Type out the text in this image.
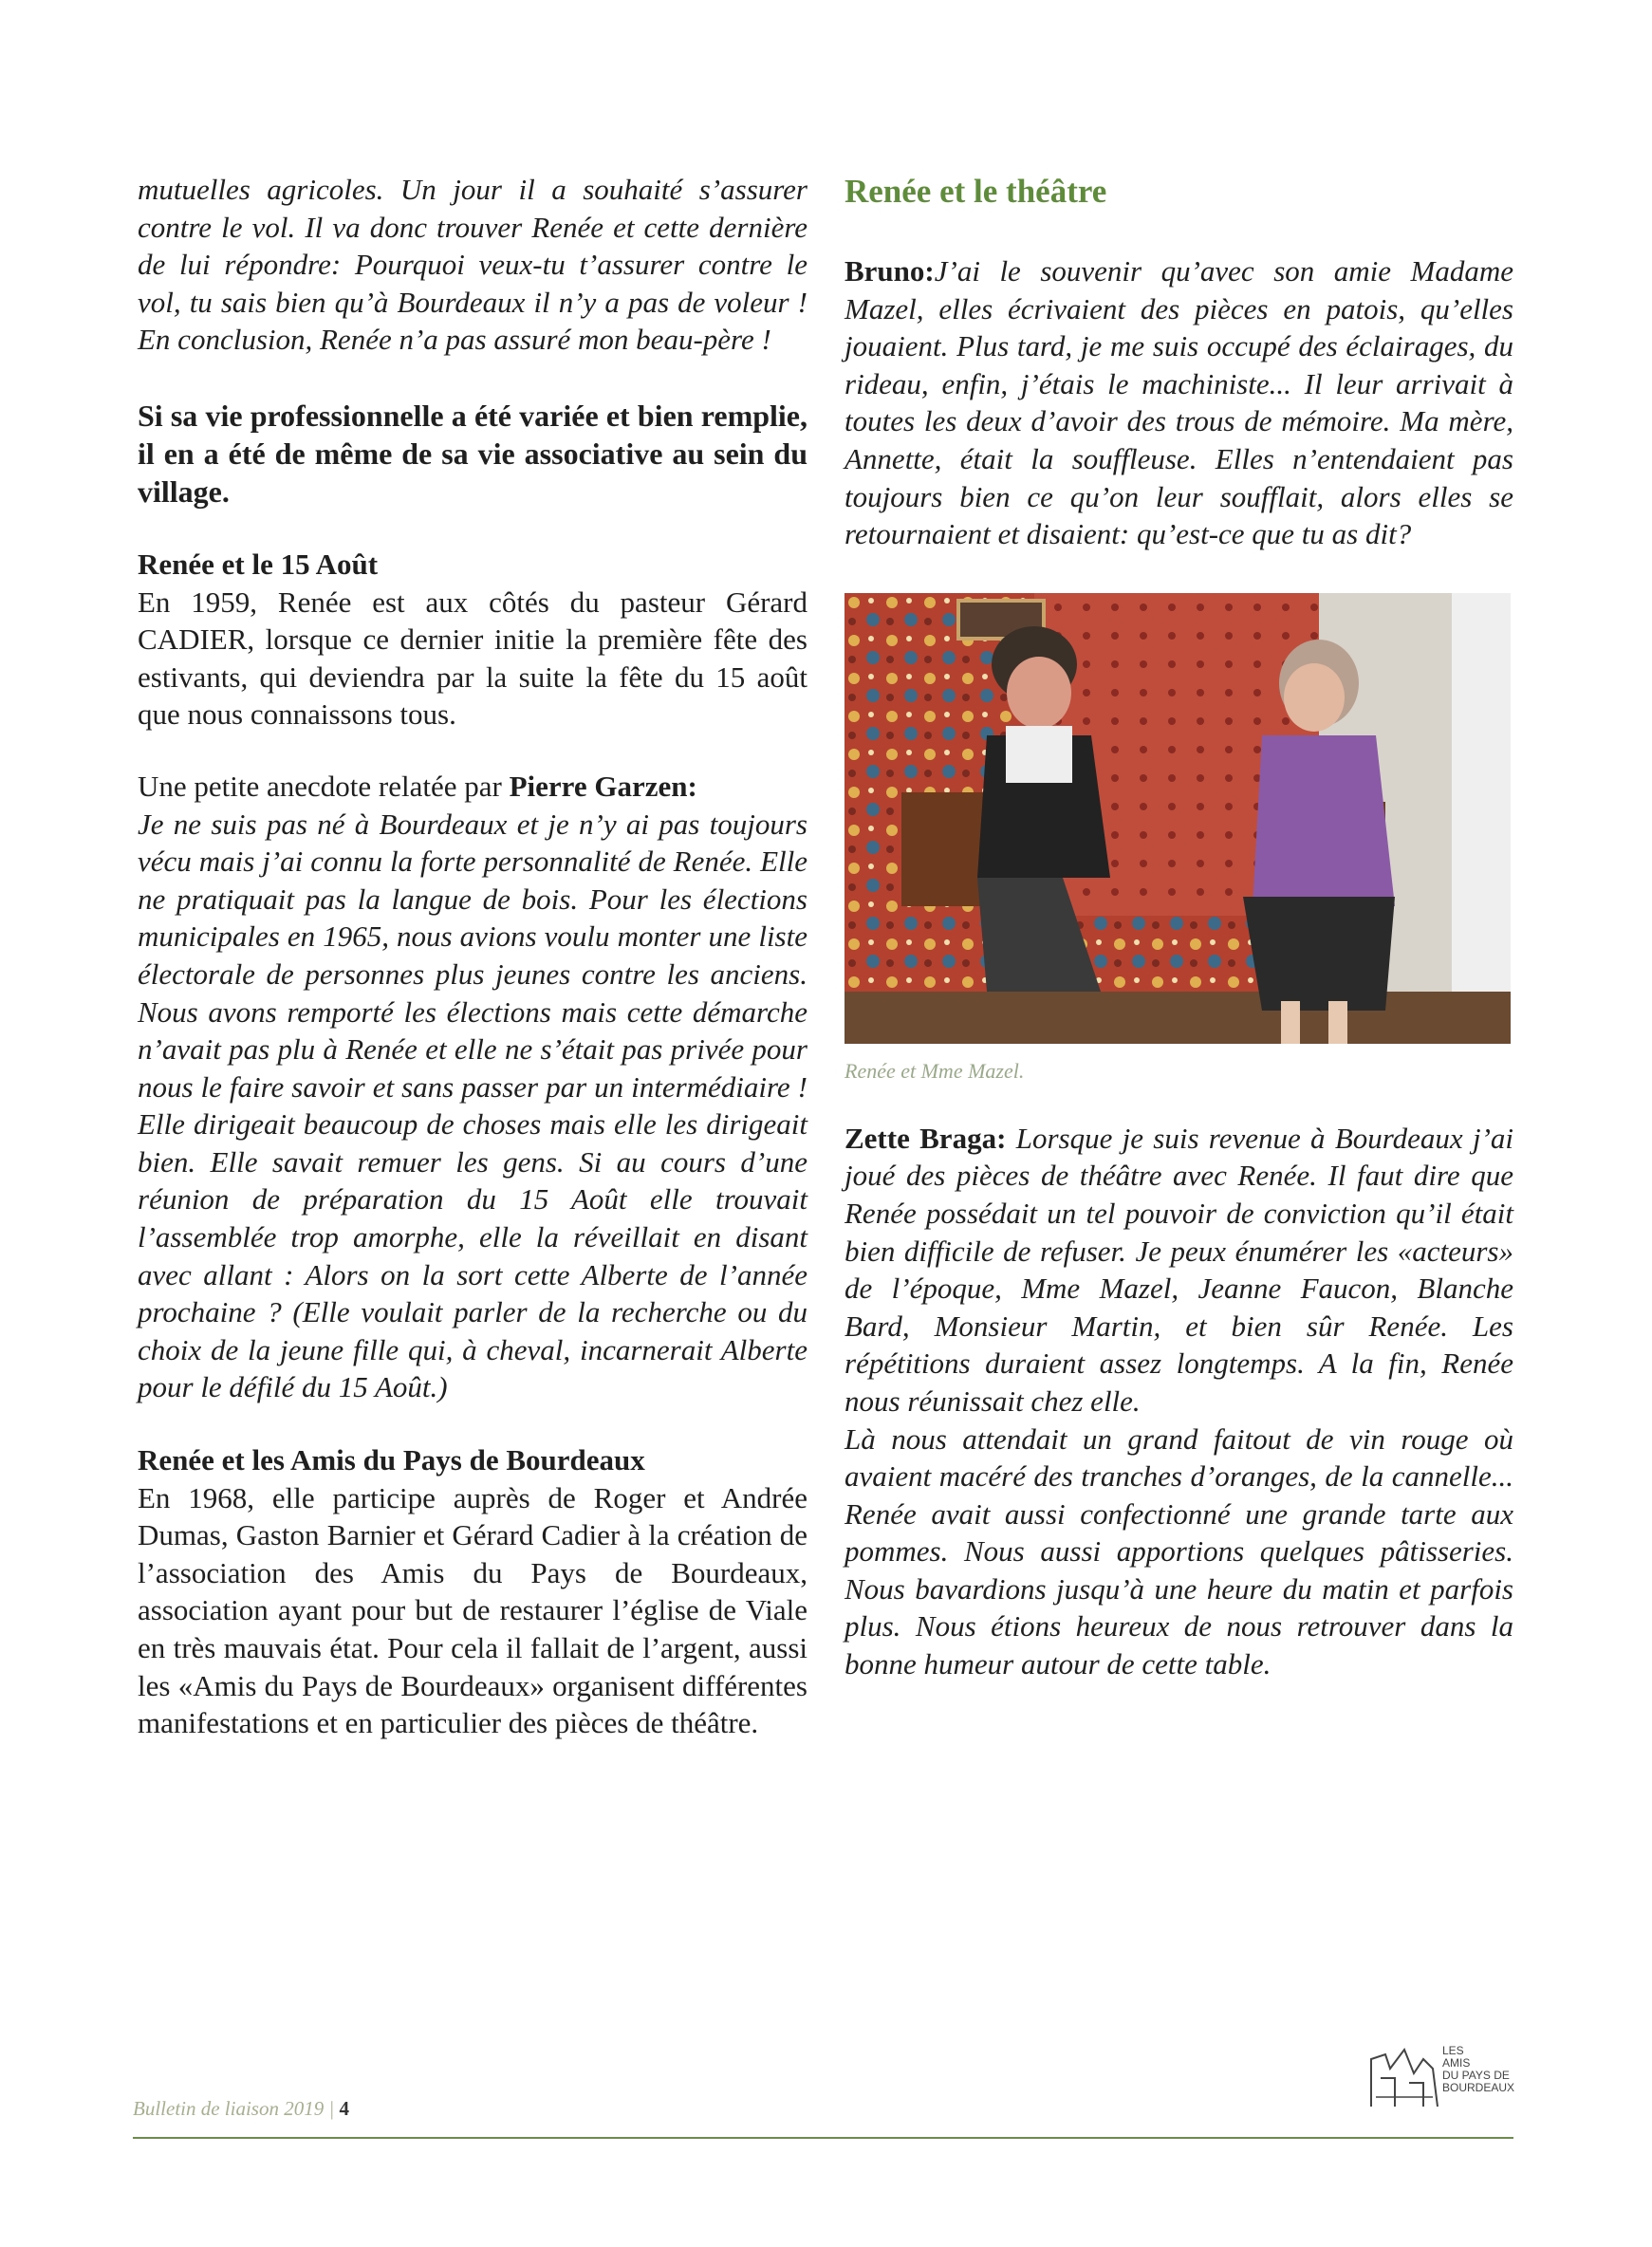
mutuelles agricoles. Un jour il a souhaité s’assurer contre le vol. Il va donc trouver Renée et cette dernière de lui répondre: Pourquoi veux-tu t’assurer contre le vol, tu sais bien qu’à Bourdeaux il n’y a pas de voleur ! En conclusion, Renée n’a pas assuré mon beau-père !

Si sa vie professionnelle a été variée et bien remplie, il en a été de même de sa vie associative au sein du village.

Renée et le 15 Août

En 1959, Renée est aux côtés du pasteur Gérard CADIER, lorsque ce dernier initie la première fête des estivants, qui deviendra par la suite la fête du 15 août que nous connaissons tous.

Une petite anecdote relatée par Pierre Garzen:

Je ne suis pas né à Bourdeaux et je n’y ai pas toujours vécu mais j’ai connu la forte personnalité de Renée. Elle ne pratiquait pas la langue de bois. Pour les élections municipales en 1965, nous avions voulu monter une liste électorale de personnes plus jeunes contre les anciens. Nous avons remporté les élections mais cette démarche n’avait pas plu à Renée et elle ne s’était pas privée pour nous le faire savoir et sans passer par un intermédiaire ! Elle dirigeait beaucoup de choses mais elle les dirigeait bien. Elle savait remuer les gens. Si au cours d’une réunion de préparation du 15 Août elle trouvait l’assemblée trop amorphe, elle la réveillait en disant avec allant : Alors on la sort cette Alberte de l’année prochaine ? (Elle voulait parler de la recherche ou du choix de la jeune fille qui, à cheval, incarnerait Alberte pour le défilé du 15 Août.)

Renée et les Amis du Pays de Bourdeaux

En 1968, elle participe auprès de Roger et Andrée Dumas, Gaston Barnier et Gérard Cadier à la création de l’association des Amis du Pays de Bourdeaux, association ayant pour but de restaurer l’église de Viale en très mauvais état. Pour cela il fallait de l’argent, aussi les «Amis du Pays de Bourdeaux» organisent différentes manifestations et en particulier des pièces de théâtre.

Renée et le théâtre

Bruno:J’ai le souvenir qu’avec son amie Madame Mazel, elles écrivaient des pièces en patois, qu’elles jouaient. Plus tard, je me suis occupé des éclairages, du rideau, enfin, j’étais le machiniste... Il leur arrivait à toutes les deux d’avoir des trous de mémoire. Ma mère, Annette, était la souffleuse. Elles n’entendaient pas toujours bien ce qu’on leur soufflait, alors elles se retournaient et disaient: qu’est-ce que tu as dit?

Renée et Mme Mazel.

Zette Braga: Lorsque je suis revenue à Bourdeaux j’ai joué des pièces de théâtre avec Renée. Il faut dire que Renée possédait un tel pouvoir de conviction qu’il était bien difficile de refuser. Je peux énumérer les «acteurs» de l’époque, Mme Mazel, Jeanne Faucon, Blanche Bard, Monsieur Martin, et bien sûr Renée. Les répétitions duraient assez longtemps. A la fin, Renée nous réunissait chez elle.

Là nous attendait un grand faitout de vin rouge où avaient macéré des tranches d’oranges, de la cannelle... Renée avait aussi confectionné une grande tarte aux pommes. Nous aussi apportions quelques pâtisseries. Nous bavardions jusqu’à une heure du matin et parfois plus. Nous étions heureux de nous retrouver dans la bonne humeur autour de cette table.

Bulletin de liaison 2019 | 4
LES
AMIS
DU PAYS DE
BOURDEAUX
